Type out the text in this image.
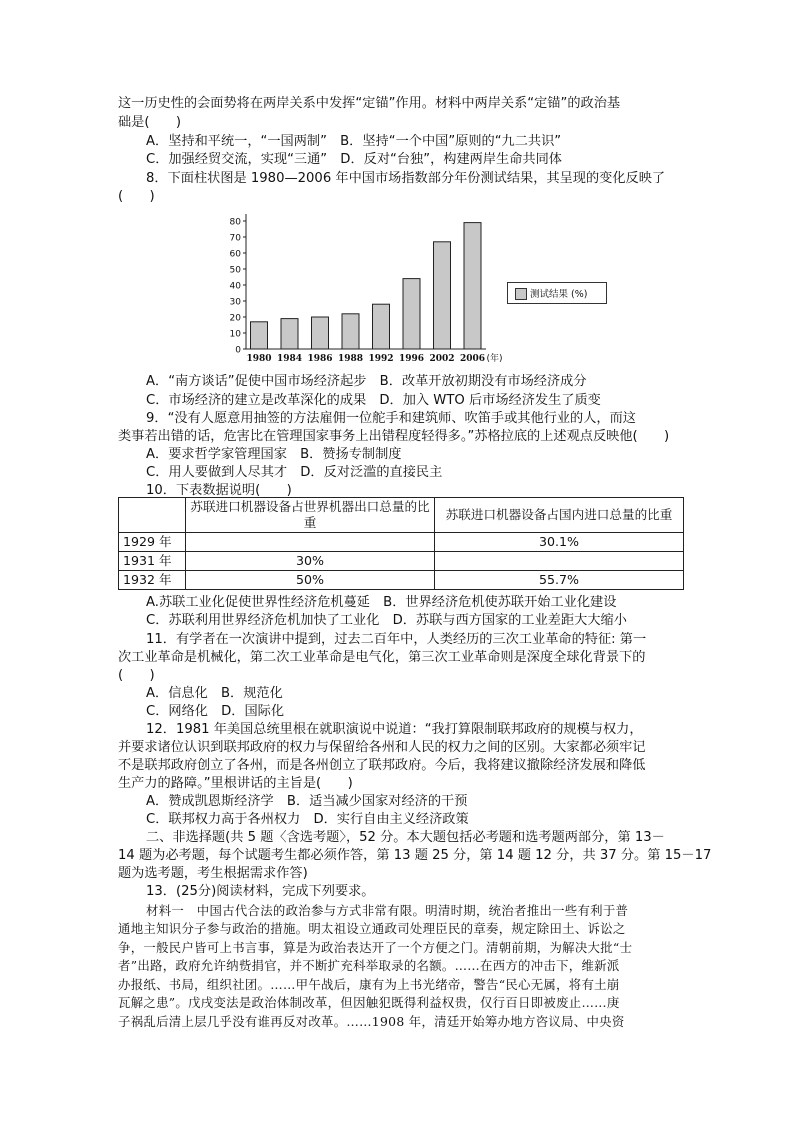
这一历史性的会面势将在两岸关系中发挥“定锚”作用。材料中两岸关系“定锚”的政治基
础是(　　)
A．坚持和平统一，“一国两制”　B．坚持“一个中国”原则的“九二共识”
C．加强经贸交流，实现“三通”　D．反对“台独”，构建两岸生命共同体
8．下面柱状图是 1980—2006 年中国市场指数部分年份测试结果，其呈现的变化反映了
(　　)
0
10
20
30
40
50
60
70
80
1980 1984 1986 1988 1992 1996 2002 2006 (年)
测试结果 (%)
A．“南方谈话”促使中国市场经济起步　B．改革开放初期没有市场经济成分
C．市场经济的建立是改革深化的成果　D．加入 WTO 后市场经济发生了质变
9．“没有人愿意用抽签的方法雇佣一位舵手和建筑师、吹笛手或其他行业的人，而这
类事若出错的话，危害比在管理国家事务上出错程度轻得多。”苏格拉底的上述观点反映他(　　)
A．要求哲学家管理国家　B．赞扬专制制度
C．用人要做到人尽其才　D．反对泛滥的直接民主
10．下表数据说明(　　)
	苏联进口机器设备占世界机器出口总量的比重	苏联进口机器设备占国内进口总量的比重
1929 年		30.1%
1931 年	30%	
1932 年	50%	55.7%
A.苏联工业化促使世界性经济危机蔓延　B．世界经济危机使苏联开始工业化建设
C．苏联利用世界经济危机加快了工业化　D．苏联与西方国家的工业差距大大缩小
11．有学者在一次演讲中提到，过去二百年中，人类经历的三次工业革命的特征: 第一
次工业革命是机械化，第二次工业革命是电气化，第三次工业革命则是深度全球化背景下的
(　　)
A．信息化　B．规范化
C．网络化　D．国际化
12．1981 年美国总统里根在就职演说中说道：“我打算限制联邦政府的规模与权力，
并要求诸位认识到联邦政府的权力与保留给各州和人民的权力之间的区别。大家都必须牢记
不是联邦政府创立了各州，而是各州创立了联邦政府。今后，我将建议撤除经济发展和降低
生产力的路障。”里根讲话的主旨是(　　)
A．赞成凯恩斯经济学　B．适当减少国家对经济的干预
C．联邦权力高于各州权力　D．实行自由主义经济政策
二、非选择题(共 5 题〈含选考题〉，52 分。本大题包括必考题和选考题两部分，第 13－
14 题为必考题，每个试题考生都必须作答，第 13 题 25 分，第 14 题 12 分，共 37 分。第 15－17
题为选考题，考生根据需求作答)
13．(25分)阅读材料，完成下列要求。
材料一　中国古代合法的政治参与方式非常有限。明清时期，统治者推出一些有利于普
通地主知识分子参与政治的措施。明太祖设立通政司处理臣民的章奏，规定除田土、诉讼之
争，一般民户皆可上书言事，算是为政治表达开了一个方便之门。清朝前期，为解决大批“士
者”出路，政府允许纳赀捐官，并不断扩充科举取录的名额。……在西方的冲击下，维新派
办报纸、书局，组织社团。……甲午战后，康有为上书光绪帝，警告“民心无属，将有土崩
瓦解之患”。戊戌变法是政治体制改革，但因触犯既得利益权贵，仅行百日即被废止……庚
子祸乱后清上层几乎没有谁再反对改革。……1908 年，清廷开始筹办地方咨议局、中央资
